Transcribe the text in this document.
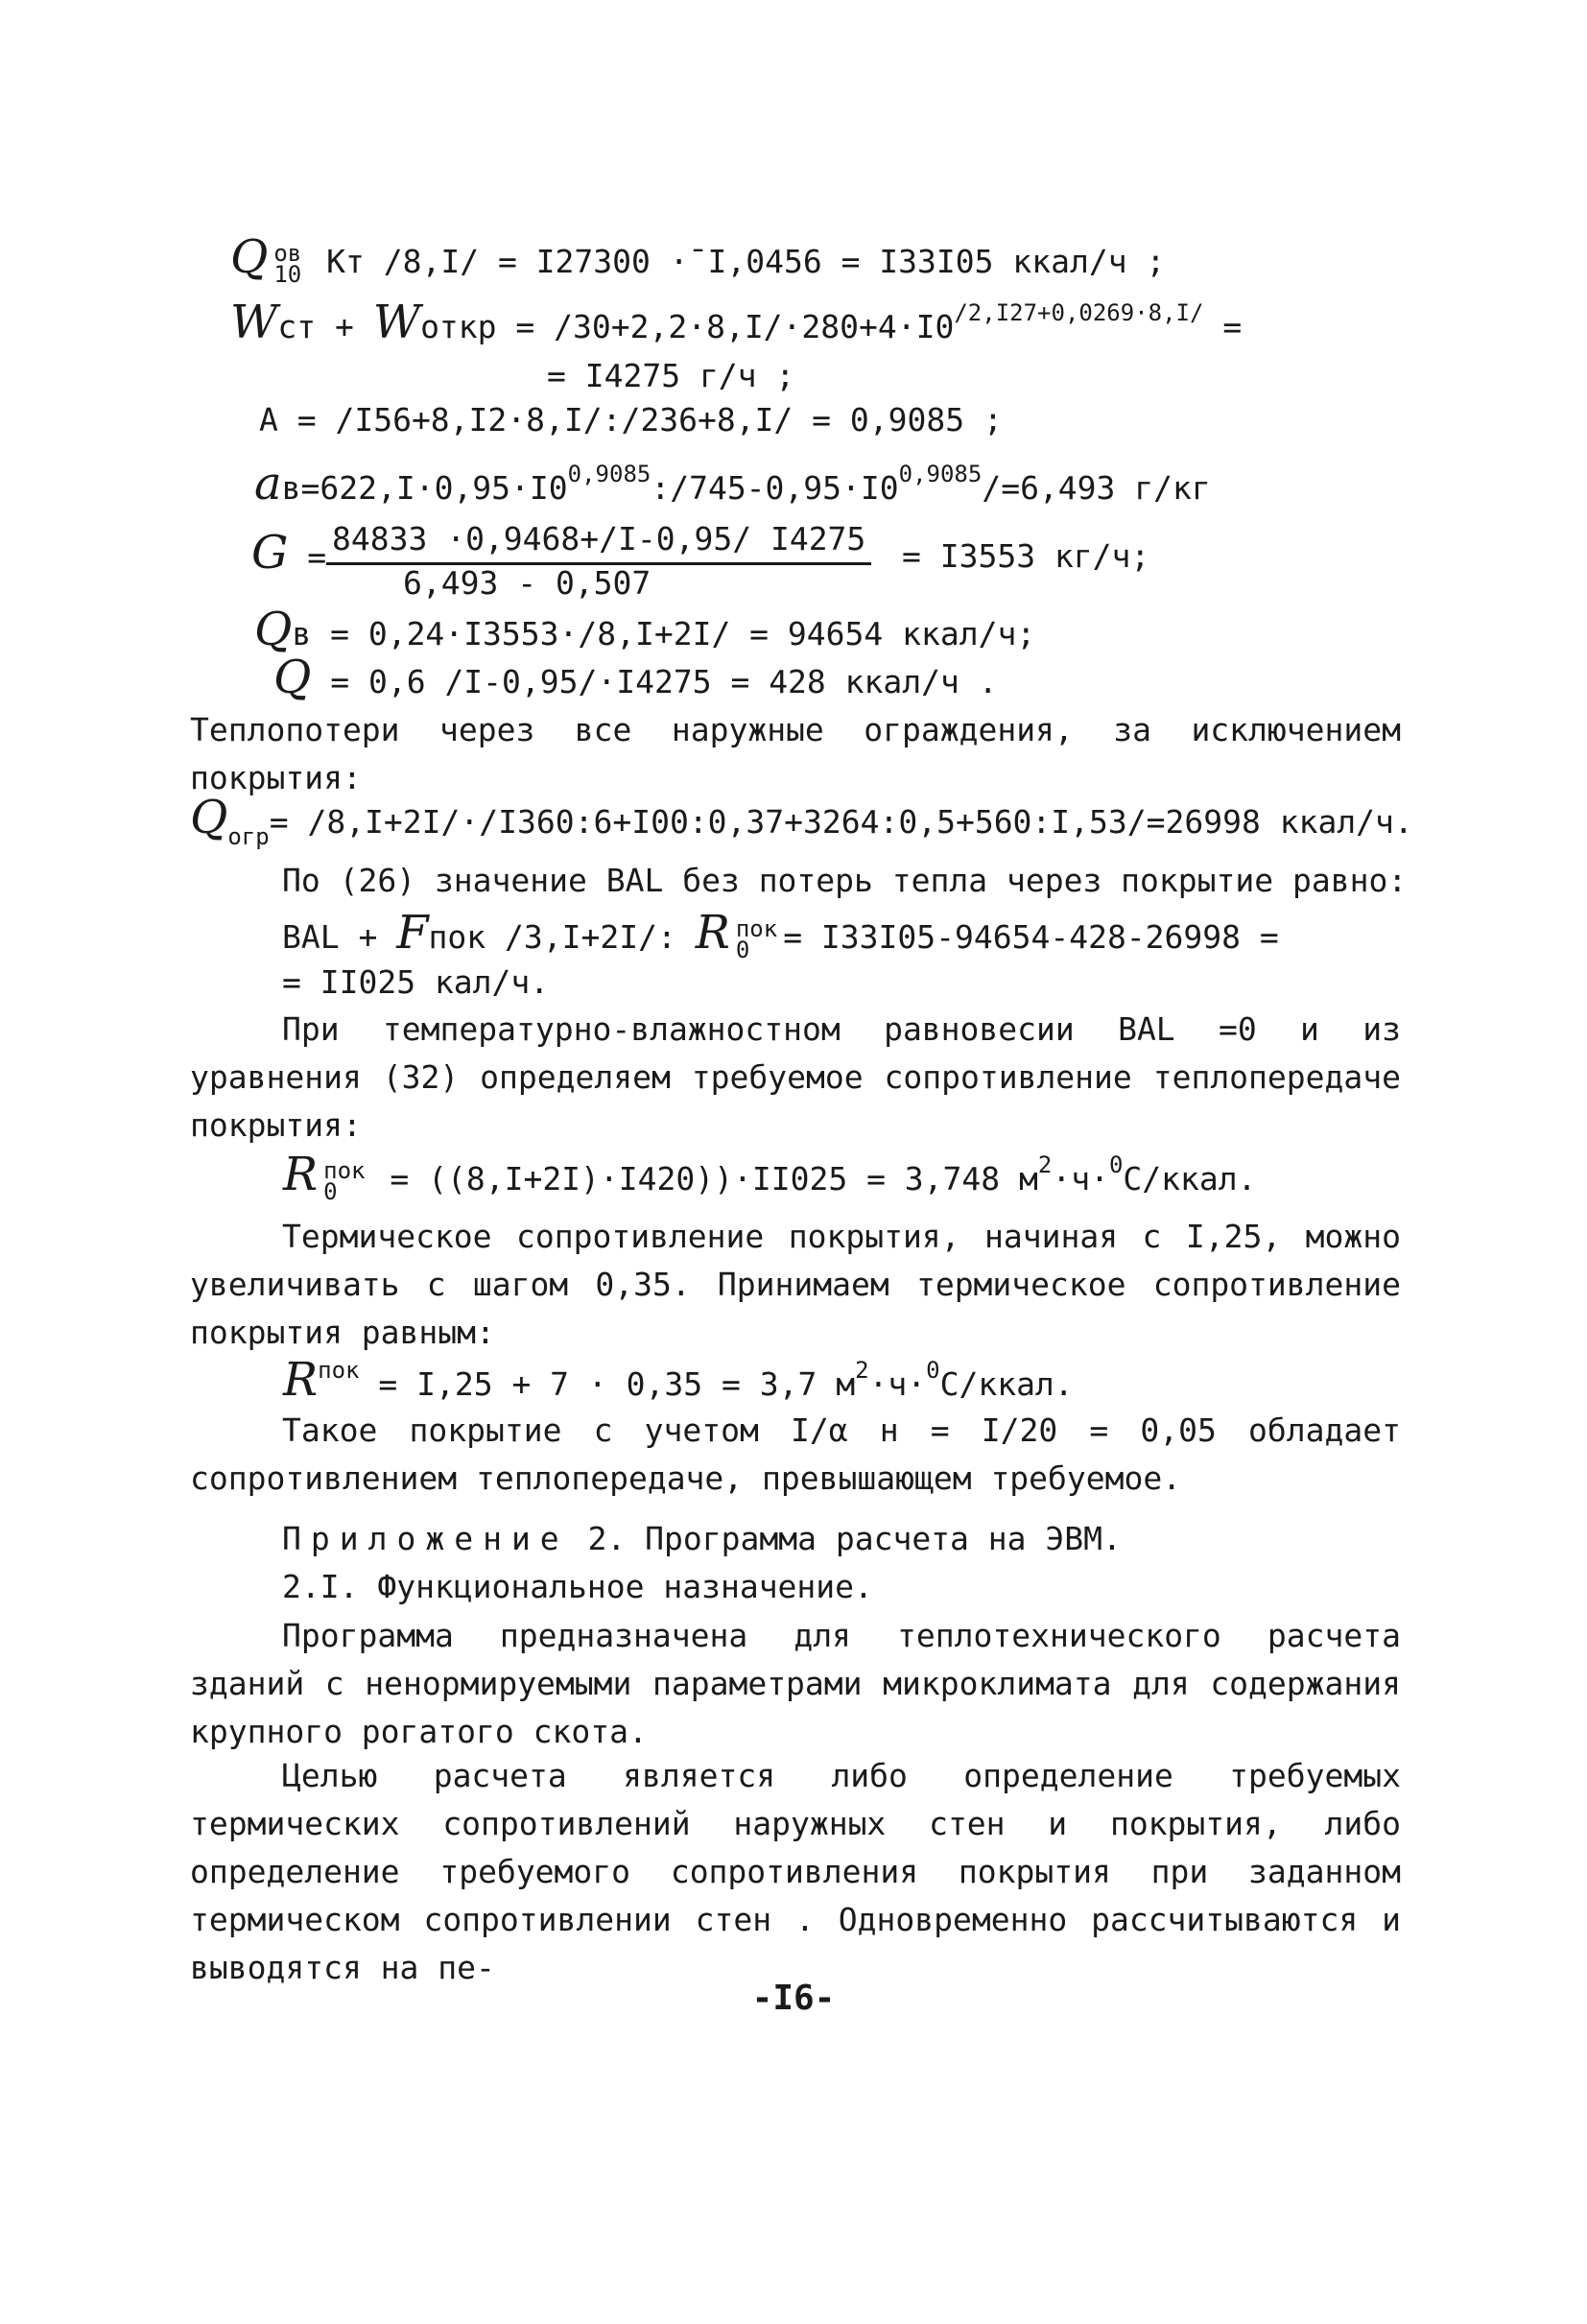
Q ов
10 Кт /8,I/ = I27300 ·¯I,0456 = I33I05 ккал/ч ;
Wст + Wоткр = $/30+2,2\cdot 8,I/\cdot 280+4\cdot I0^{/2,I27+0,0269\cdot 8,I/}$ =
= I4275 г/ч ;
A = /I56+8,I2·8,I/:/236+8,I/ = 0,9085 ;
$aв=622,I\cdot 0,95\cdot I0^{0,9085}:/745-0,95\cdot I0^{0,9085}/=6,493$ г/кг
$G = \frac{84833 \cdot 0,9468+/I-0,95/ I4275}{6,493 - 0,507} = I3553$ кг/ч;
Qв = 0,24·I3553·/8,I+2I/ = 94654 ккал/ч;
Q = 0,6 /I-0,95/·I4275 = 428 ккал/ч .
Теплопотери через все наружные ограждения, за исключением покрытия:
$Q_{огр}=$ /8,I+2I/·/I360:6+I00:0,37+3264:0,5+560:I,53/=26998 ккал/ч.
По (26) значение BAL без потерь тепла через покрытие равно:
BAL + Fпок /3,I+2I/: R пок
0	= I33I05-94654-428-26998 =
= II025 кал/ч.
При температурно-влажностном равновесии BAL =0 и из уравнения (32) определяем требуемое сопротивление теплопередаче покрытия:
R пок
0	= ((8,I+2I)·I420))·II025 = 3,748 $м^2\cdot ч\cdot^0С$/ккал.
Термическое сопротивление покрытия, начиная с I,25, можно увеличивать с шагом 0,35. Принимаем термическое сопротивление покрытия равным:
$R^{пок} = I,25 + 7 \cdot 0,35 = 3,7$ $м^2\cdot ч\cdot^0С$/ккал.
Такое покрытие с учетом I/α н = I/20 = 0,05 обладает сопротивлением теплопередаче, превышающем требуемое.
Приложение 2. Программа расчета на ЭВМ.
2.I. Функциональное назначение.
Программа предназначена для теплотехнического расчета зданий с ненормируемыми параметрами микроклимата для содержания крупного рогатого скота.
Целью расчета является либо определение требуемых термических сопротивлений наружных стен и покрытия, либо определение требуемого сопротивления покрытия при заданном термическом сопротивлении стен . Одновременно рассчитываются и выводятся на пе-
-I6-
